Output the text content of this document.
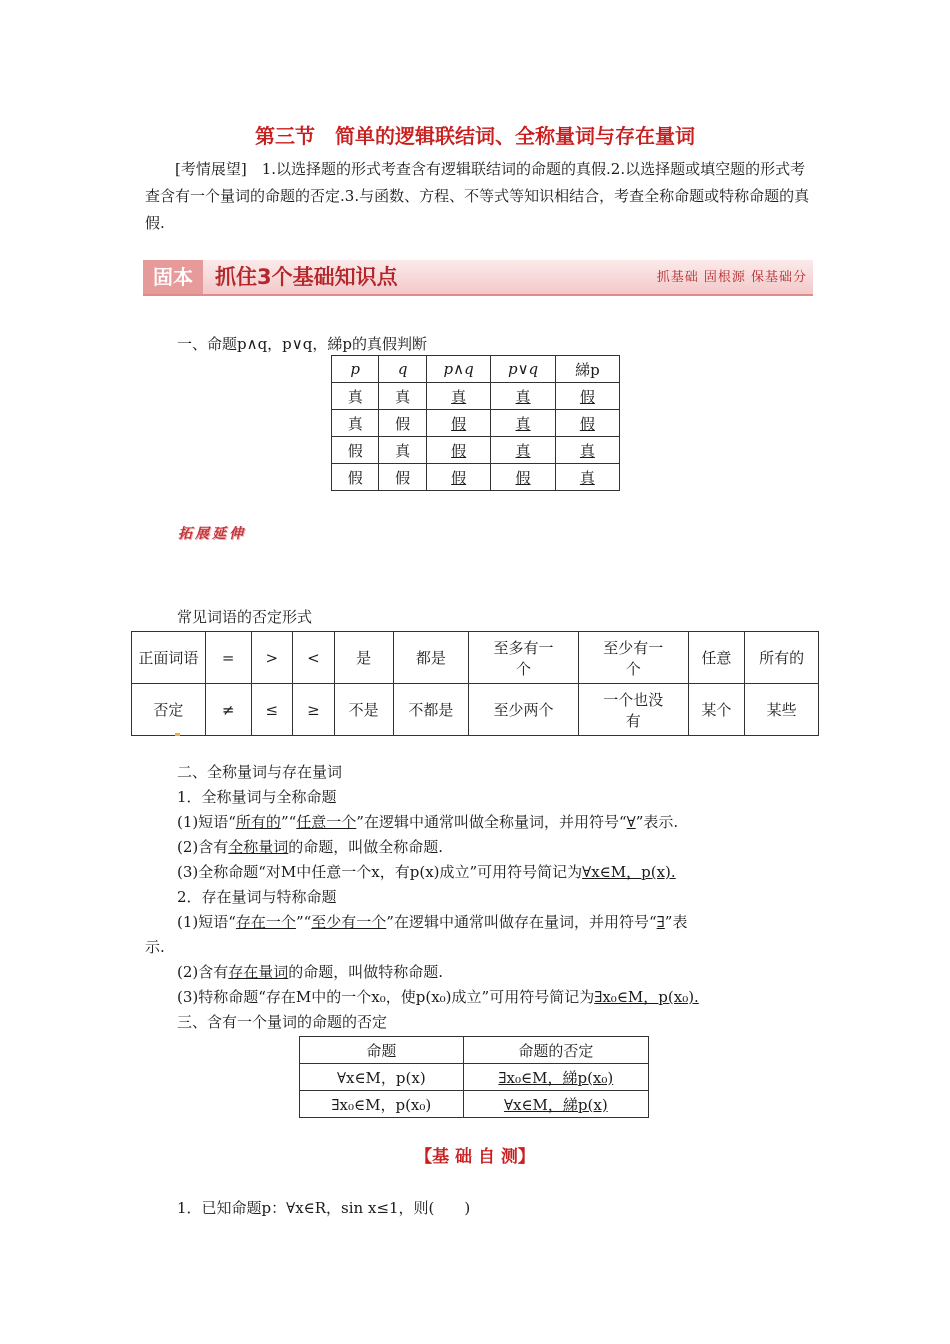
第三节　简单的逻辑联结词、全称量词与存在量词
[考情展望]　1.以选择题的形式考查含有逻辑联结词的命题的真假.2.以选择题或填空题的形式考查含有一个量词的命题的否定.3.与函数、方程、不等式等知识相结合，考查全称命题或特称命题的真假.
固本	抓住3个基础知识点	抓基础 固根源 保基础分
一、命题p∧q，p∨q，綈p的真假判断
p	q	p∧q	p∨q	綈p
真	真	真	真	假
真	假	假	真	假
假	真	假	真	真
假	假	假	假	真
拓展延伸
常见词语的否定形式
正面词语	=	>	<	是	都是	至多有一个	至少有一个	任意	所有的
否定	≠	≤	≥	不是	不都是	至少两个	一个也没有	某个	某些
二、全称量词与存在量词
1．全称量词与全称命题
(1)短语“所有的”“任意一个”在逻辑中通常叫做全称量词，并用符号“∀”表示.
(2)含有全称量词的命题，叫做全称命题.
(3)全称命题“对M中任意一个x，有p(x)成立”可用符号简记为∀x∈M，p(x).
2．存在量词与特称命题
(1)短语“存在一个”“至少有一个”在逻辑中通常叫做存在量词，并用符号“∃”表
示.
(2)含有存在量词的命题，叫做特称命题.
(3)特称命题“存在M中的一个x₀，使p(x₀)成立”可用符号简记为∃x₀∈M，p(x₀).
三、含有一个量词的命题的否定
命题	命题的否定
∀x∈M，p(x)	∃x₀∈M，綈p(x₀)
∃x₀∈M，p(x₀)	∀x∈M，綈p(x)
【基 础 自 测】
1．已知命题p：∀x∈R，sin x≤1，则(　　)
